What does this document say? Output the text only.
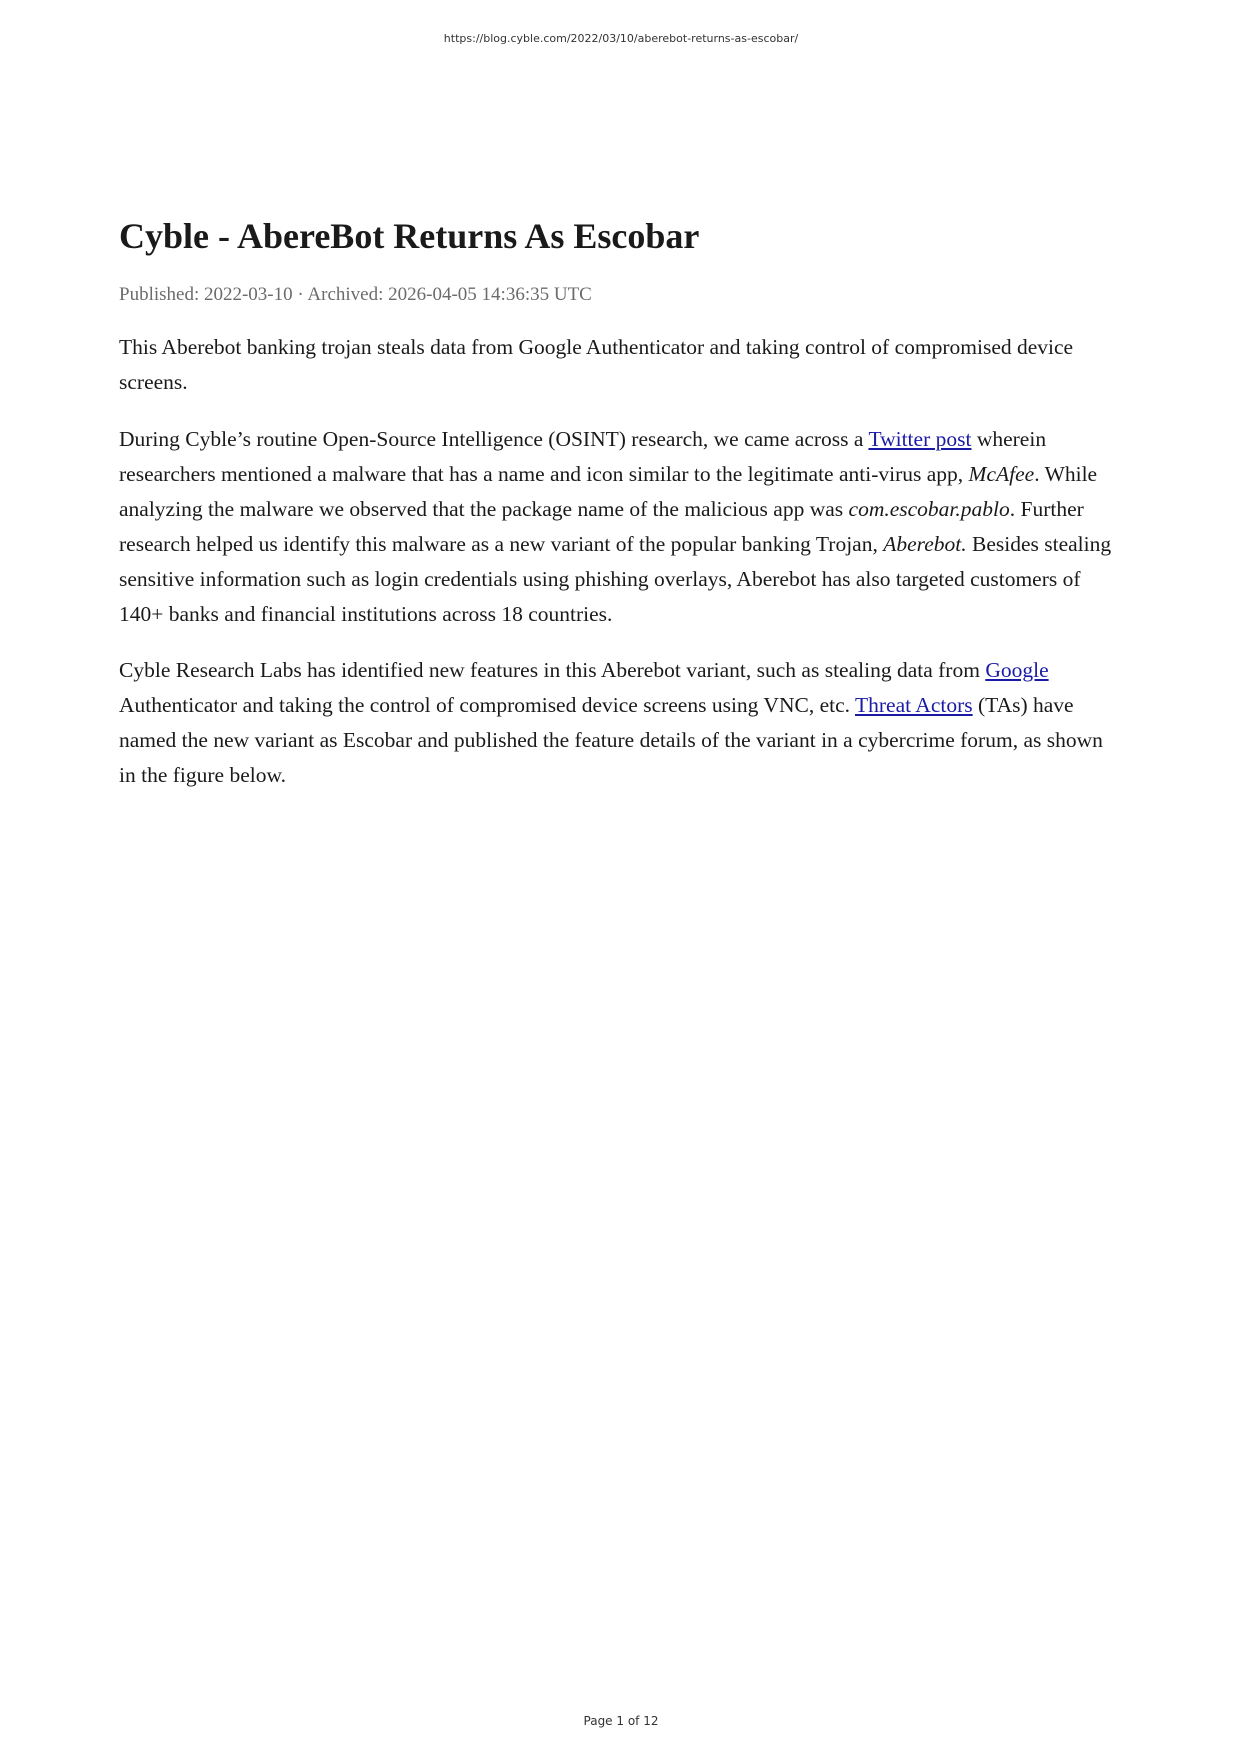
https://blog.cyble.com/2022/03/10/aberebot-returns-as-escobar/
Cyble - AbereBot Returns As Escobar
Published: 2022-03-10 · Archived: 2026-04-05 14:36:35 UTC

This Aberebot banking trojan steals data from Google Authenticator and taking control of compromised device screens.

During Cyble’s routine Open-Source Intelligence (OSINT) research, we came across a Twitter post wherein researchers mentioned a malware that has a name and icon similar to the legitimate anti-virus app, McAfee. While analyzing the malware we observed that the package name of the malicious app was com.escobar.pablo. Further research helped us identify this malware as a new variant of the popular banking Trojan, Aberebot. Besides stealing sensitive information such as login credentials using phishing overlays, Aberebot has also targeted customers of 140+ banks and financial institutions across 18 countries.

Cyble Research Labs has identified new features in this Aberebot variant, such as stealing data from Google Authenticator and taking the control of compromised device screens using VNC, etc. Threat Actors (TAs) have named the new variant as Escobar and published the feature details of the variant in a cybercrime forum, as shown in the figure below.

Page 1 of 12
